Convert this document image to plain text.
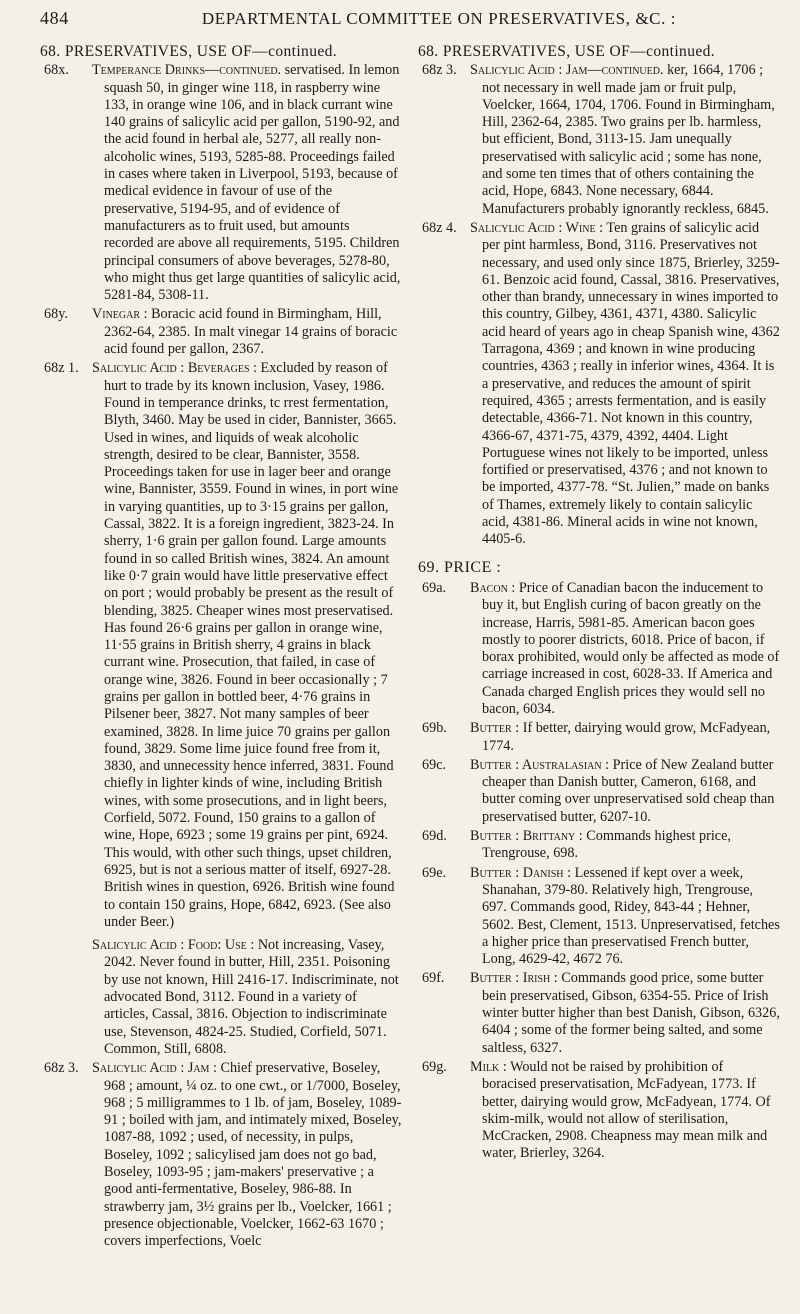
484	DEPARTMENTAL COMMITTEE ON PRESERVATIVES, &C. :
68. PRESERVATIVES, USE OF—continued.
68x.	Temperance Drinks—continued. servatised. In lemon squash 50, in ginger wine 118, in raspberry wine 133, in orange wine 106, and in black currant wine 140 grains of salicylic acid per gallon, 5190-92, and the acid found in herbal ale, 5277, all really non-alcoholic wines, 5193, 5285-88. Proceedings failed in cases where taken in Liverpool, 5193, because of medical evidence in favour of use of the preservative, 5194-95, and of evidence of manufacturers as to fruit used, but amounts recorded are above all requirements, 5195. Children principal consumers of above beverages, 5278-80, who might thus get large quantities of salicylic acid, 5281-84, 5308-11.

68y.	Vinegar : Boracic acid found in Birmingham, Hill, 2362-64, 2385. In malt vinegar 14 grains of boracic acid found per gallon, 2367.

68z 1. Salicylic Acid : Beverages : Excluded by reason of hurt to trade by its known inclusion, Vasey, 1986. Found in temperance drinks, tc rrest fermentation, Blyth, 3460. May be used in cider, Bannister, 3665. Used in wines, and liquids of weak alcoholic strength, desired to be clear, Bannister, 3558. Proceedings taken for use in lager beer and orange wine, Bannister, 3559. Found in wines, in port wine in varying quantities, up to 3·15 grains per gallon, Cassal, 3822. It is a foreign ingredient, 3823-24. In sherry, 1·6 grain per gallon found. Large amounts found in so called British wines, 3824. An amount like 0·7 grain would have little preservative effect on port ; would probably be present as the result of blending, 3825. Cheaper wines most preservatised. Has found 26·6 grains per gallon in orange wine, 11·55 grains in British sherry, 4 grains in black currant wine. Prosecution, that failed, in case of orange wine, 3826. Found in beer occasionally ; 7 grains per gallon in bottled beer, 4·76 grains in Pilsener beer, 3827. Not many samples of beer examined, 3828. In lime juice 70 grains per gallon found, 3829. Some lime juice found free from it, 3830, and unnecessity hence inferred, 3831. Found chiefly in lighter kinds of wine, including British wines, with some prosecutions, and in light beers, Corfield, 5072. Found, 150 grains to a gallon of wine, Hope, 6923 ; some 19 grains per pint, 6924. This would, with other such things, upset children, 6925, but is not a serious matter of itself, 6927-28. British wines in question, 6926. British wine found to contain 150 grains, Hope, 6842, 6923. (See also under Beer.)

Salicylic Acid : Food: Use : Not increasing, Vasey, 2042. Never found in butter, Hill, 2351. Poisoning by use not known, Hill 2416-17. Indiscriminate, not advocated Bond, 3112. Found in a variety of articles, Cassal, 3816. Objection to indiscriminate use, Stevenson, 4824-25. Studied, Corfield, 5071. Common, Still, 6808.

68z 3. Salicylic Acid : Jam : Chief preservative, Boseley, 968 ; amount, ¼ oz. to one cwt., or 1/7000, Boseley, 968 ; 5 milligrammes to 1 lb. of jam, Boseley, 1089-91 ; boiled with jam, and intimately mixed, Boseley, 1087-88, 1092 ; used, of necessity, in pulps, Boseley, 1092 ; salicylised jam does not go bad, Boseley, 1093-95 ; jam-makers' preservative ; a good anti-fermentative, Boseley, 986-88. In strawberry jam, 3½ grains per lb., Voelcker, 1661 ; presence objectionable, Voelcker, 1662-63 1670 ; covers imperfections, Voelc

68. PRESERVATIVES, USE OF—continued.
68z 3. Salicylic Acid : Jam—continued. ker, 1664, 1706 ; not necessary in well made jam or fruit pulp, Voelcker, 1664, 1704, 1706. Found in Birmingham, Hill, 2362-64, 2385. Two grains per lb. harmless, but efficient, Bond, 3113-15. Jam unequally preservatised with salicylic acid ; some has none, and some ten times that of others containing the acid, Hope, 6843. None necessary, 6844. Manufacturers probably ignorantly reckless, 6845.

68z 4. Salicylic Acid : Wine : Ten grains of salicylic acid per pint harmless, Bond, 3116. Preservatives not necessary, and used only since 1875, Brierley, 3259-61. Benzoic acid found, Cassal, 3816. Preservatives, other than brandy, unnecessary in wines imported to this country, Gilbey, 4361, 4371, 4380. Salicylic acid heard of years ago in cheap Spanish wine, 4362 Tarragona, 4369 ; and known in wine producing countries, 4363 ; really in inferior wines, 4364. It is a preservative, and reduces the amount of spirit required, 4365 ; arrests fermentation, and is easily detectable, 4366-71. Not known in this country, 4366-67, 4371-75, 4379, 4392, 4404. Light Portuguese wines not likely to be imported, unless fortified or preservatised, 4376 ; and not known to be imported, 4377-78. “St. Julien,” made on banks of Thames, extremely likely to contain salicylic acid, 4381-86. Mineral acids in wine not known, 4405-6.

69. PRICE :
69a.	Bacon : Price of Canadian bacon the inducement to buy it, but English curing of bacon greatly on the increase, Harris, 5981-85. American bacon goes mostly to poorer districts, 6018. Price of bacon, if borax prohibited, would only be affected as mode of carriage increased in cost, 6028-33. If America and Canada charged English prices they would sell no bacon, 6034.

69b.	Butter : If better, dairying would grow, McFadyean, 1774.

69c.	Butter : Australasian : Price of New Zealand butter cheaper than Danish butter, Cameron, 6168, and butter coming over unpreservatised sold cheap than preservatised butter, 6207-10.

69d.	Butter : Brittany : Commands highest price, Trengrouse, 698.

69e.	Butter : Danish : Lessened if kept over a week, Shanahan, 379-80. Relatively high, Trengrouse, 697. Commands good, Ridey, 843-44 ; Hehner, 5602. Best, Clement, 1513. Unpreservatised, fetches a higher price than preservatised French butter, Long, 4629-42, 4672 76.

69f.	Butter : Irish : Commands good price, some butter bein preservatised, Gibson, 6354-55. Price of Irish winter butter higher than best Danish, Gibson, 6326, 6404 ; some of the former being salted, and some saltless, 6327.

69g.	Milk : Would not be raised by prohibition of boracised preservatisation, McFadyean, 1773. If better, dairying would grow, McFadyean, 1774. Of skim-milk, would not allow of sterilisation, McCracken, 2908. Cheapness may mean milk and water, Brierley, 3264.
